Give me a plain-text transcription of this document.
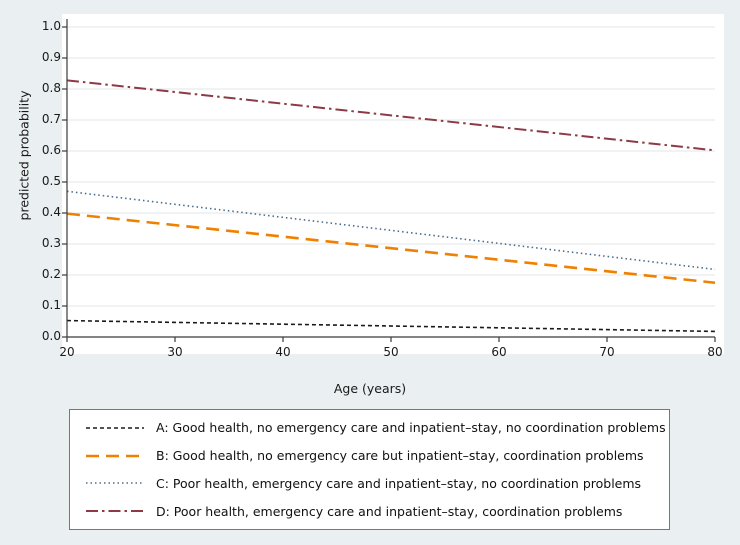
0.0
0.1
0.2
0.3
0.4
0.5
0.6
0.7
0.8
0.9
1.0
20	30	40	50	60	70	80
predicted probability
Age (years)
A: Good health, no emergency care and inpatient–stay, no coordination problems
B: Good health, no emergency care but inpatient–stay, coordination problems
C: Poor health, emergency care and inpatient–stay, no coordination problems
D: Poor health, emergency care and inpatient–stay, coordination problems
